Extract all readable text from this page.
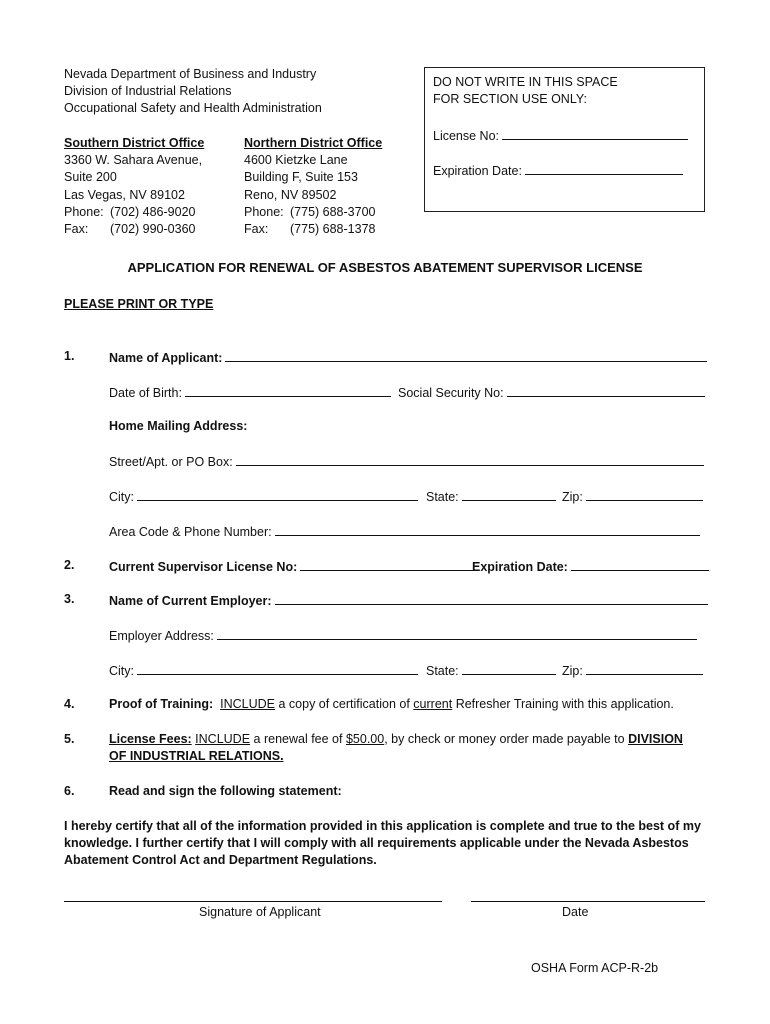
Nevada Department of Business and Industry
Division of Industrial Relations
Occupational Safety and Health Administration
Southern District Office
3360 W. Sahara Avenue,
Suite 200
Las Vegas, NV 89102
Phone: (702) 486-9020
Fax: (702) 990-0360
Northern District Office
4600 Kietzke Lane
Building F, Suite 153
Reno, NV 89502
Phone: (775) 688-3700
Fax: (775) 688-1378
DO NOT WRITE IN THIS SPACE
FOR SECTION USE ONLY:
License No:
Expiration Date:
APPLICATION FOR RENEWAL OF ASBESTOS ABATEMENT SUPERVISOR LICENSE
PLEASE PRINT OR TYPE
1.	Name of Applicant:
Date of Birth:	Social Security No:
Home Mailing Address:
Street/Apt. or PO Box:
City:	State:	Zip:
Area Code & Phone Number:
2.	Current Supervisor License No:	Expiration Date:
3.	Name of Current Employer:
Employer Address:
City:	State:	Zip:
4.	Proof of Training: INCLUDE a copy of certification of current Refresher Training with this application.
5.	License Fees: INCLUDE a renewal fee of $50.00, by check or money order made payable to DIVISION
OF INDUSTRIAL RELATIONS.
6.	Read and sign the following statement:
I hereby certify that all of the information provided in this application is complete and true to the best of my
knowledge. I further certify that I will comply with all requirements applicable under the Nevada Asbestos
Abatement Control Act and Department Regulations.
Signature of Applicant	Date
OSHA Form ACP-R-2b
